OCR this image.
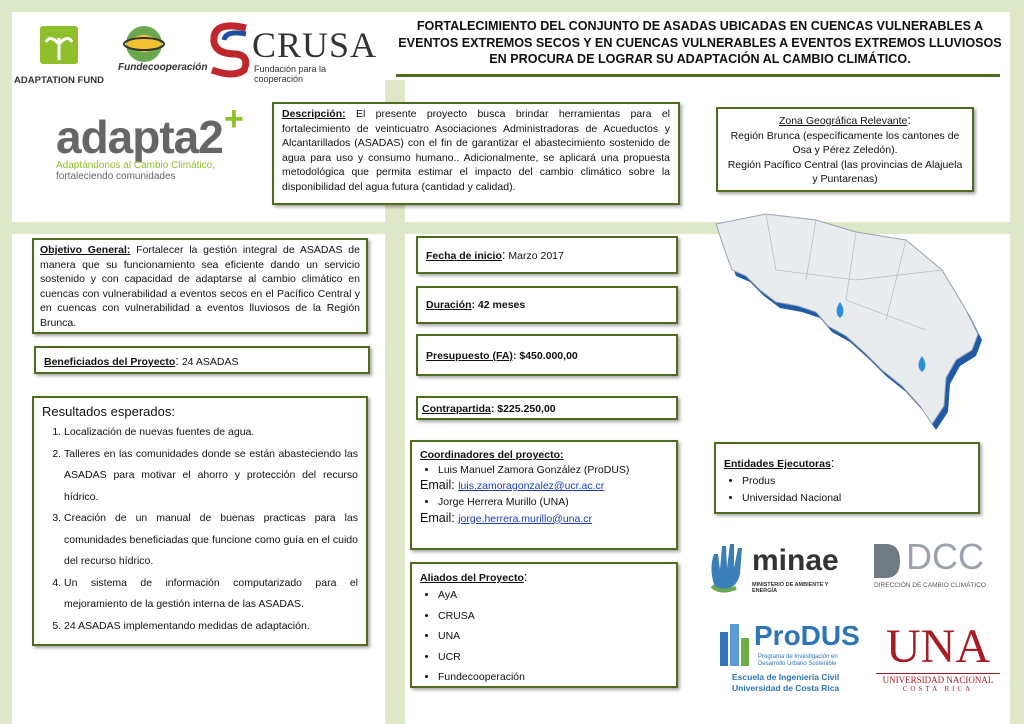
FORTALECIMIENTO DEL CONJUNTO DE ASADAS UBICADAS EN CUENCAS VULNERABLES A EVENTOS EXTREMOS SECOS Y EN CUENCAS VULNERABLES A EVENTOS EXTREMOS LLUVIOSOS EN PROCURA DE LOGRAR SU ADAPTACIÓN AL CAMBIO CLIMÁTICO.
ADAPTATION FUND
Fundecooperación
CRUSA
Fundación para la cooperación
adapta2 +
Adaptándonos al Cambio Climático,
fortaleciendo comunidades
Descripción: El presente proyecto busca brindar herramientas para el fortalecimiento de veinticuatro Asociaciones Administradoras de Acueductos y Alcantarillados (ASADAS) con el fin de garantizar el abastecimiento sostenido de agua para uso y consumo humano.. Adicionalmente, se aplicará una propuesta metodológica que permita estimar el impacto del cambio climático sobre la disponibilidad del agua futura (cantidad y calidad).
Zona Geográfica Relevante:
Región Brunca (específicamente los cantones de Osa y Pérez Zeledón).
Región Pacífico Central (las provincias de Alajuela y Puntarenas)
Objetivo General: Fortalecer la gestión integral de ASADAS de manera que su funcionamiento sea eficiente dando un servicio sostenido y con capacidad de adaptarse al cambio climático en cuencas con vulnerabilidad a eventos secos en el Pacífico Central y en cuencas con vulnerabilidad a eventos lluviosos de la Región Brunca.
Beneficiados del Proyecto: 24 ASADAS
Resultados esperados:
1. Localización de nuevas fuentes de agua.
2. Talleres en las comunidades donde se están abasteciendo las ASADAS para motivar el ahorro y protección del recurso hídrico.
3. Creación de un manual de buenas practicas para las comunidades beneficiadas que funcione como guía en el cuido del recurso hídrico.
4. Un sistema de información computarizado para el mejoramiento de la gestión interna de las ASADAS.
5. 24 ASADAS implementando medidas de adaptación.
Fecha de inicio: Marzo 2017
Duración: 42 meses
Presupuesto (FA): $450.000,00
Contrapartida: $225.250,00
Coordinadores del proyecto:
• Luis Manuel Zamora González (ProDUS)
Email: luis.zamoragonzalez@ucr.ac.cr
• Jorge Herrera Murillo (UNA)
Email: jorge.herrera.murillo@una.cr
Aliados del Proyecto:
• AyA
• CRUSA
• UNA
• UCR
• Fundecooperación
Entidades Ejecutoras:
• Produs
• Universidad Nacional
minae
MINISTERIO DE AMBIENTE Y ENERGÍA
DCC
DIRECCIÓN DE CAMBIO CLIMÁTICO
ProDUS
Programa de Investigación en
Desarrollo Urbano Sostenible
Escuela de Ingeniería Civil
Universidad de Costa Rica
UNA
UNIVERSIDAD NACIONAL
COSTA RICA
